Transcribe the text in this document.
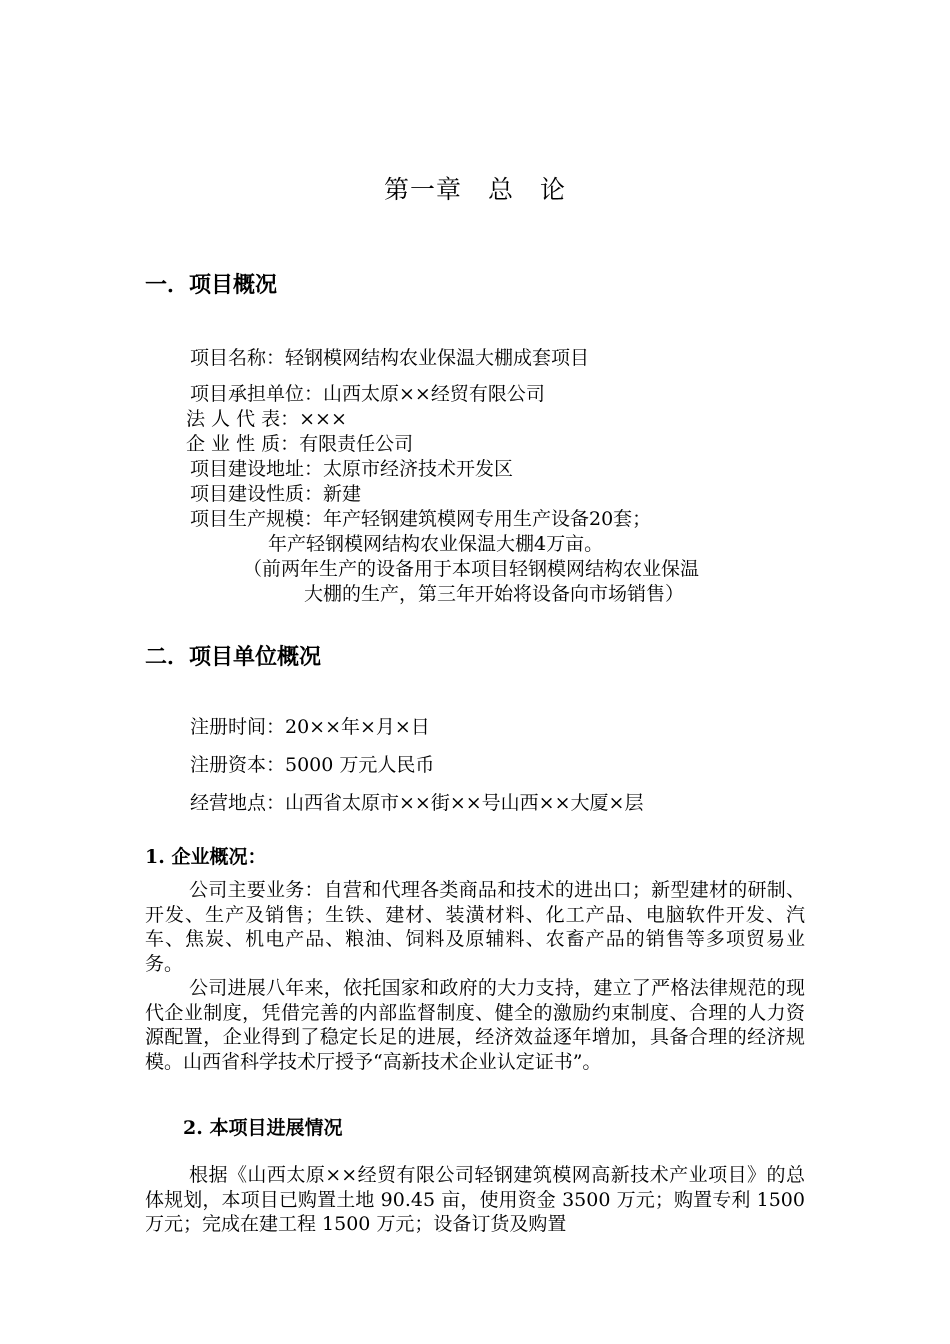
第一章　总　论
一．项目概况
项目名称：轻钢模网结构农业保温大棚成套项目
项目承担单位：山西太原××经贸有限公司
法 人 代 表：×××
企 业 性 质：有限责任公司
项目建设地址：太原市经济技术开发区
项目建设性质：新建
项目生产规模：年产轻钢建筑模网专用生产设备20套；
年产轻钢模网结构农业保温大棚4万亩。
（前两年生产的设备用于本项目轻钢模网结构农业保温
大棚的生产，第三年开始将设备向市场销售）
二．项目单位概况
注册时间：20××年×月×日
注册资本：5000 万元人民币
经营地点：山西省太原市××街××号山西××大厦×层
1. 企业概况：
公司主要业务：自营和代理各类商品和技术的进出口；新型建材的研制、开发、生产及销售；生铁、建材、装潢材料、化工产品、电脑软件开发、汽车、焦炭、机电产品、粮油、饲料及原辅料、农畜产品的销售等多项贸易业务。
公司进展八年来，依托国家和政府的大力支持，建立了严格法律规范的现代企业制度，凭借完善的内部监督制度、健全的激励约束制度、合理的人力资源配置，企业得到了稳定长足的进展，经济效益逐年增加，具备合理的经济规模。山西省科学技术厅授予“高新技术企业认定证书”。
2. 本项目进展情况
根据《山西太原××经贸有限公司轻钢建筑模网高新技术产业项目》的总体规划，本项目已购置土地 90.45 亩，使用资金 3500 万元；购置专利 1500 万元；完成在建工程 1500 万元；设备订货及购置
